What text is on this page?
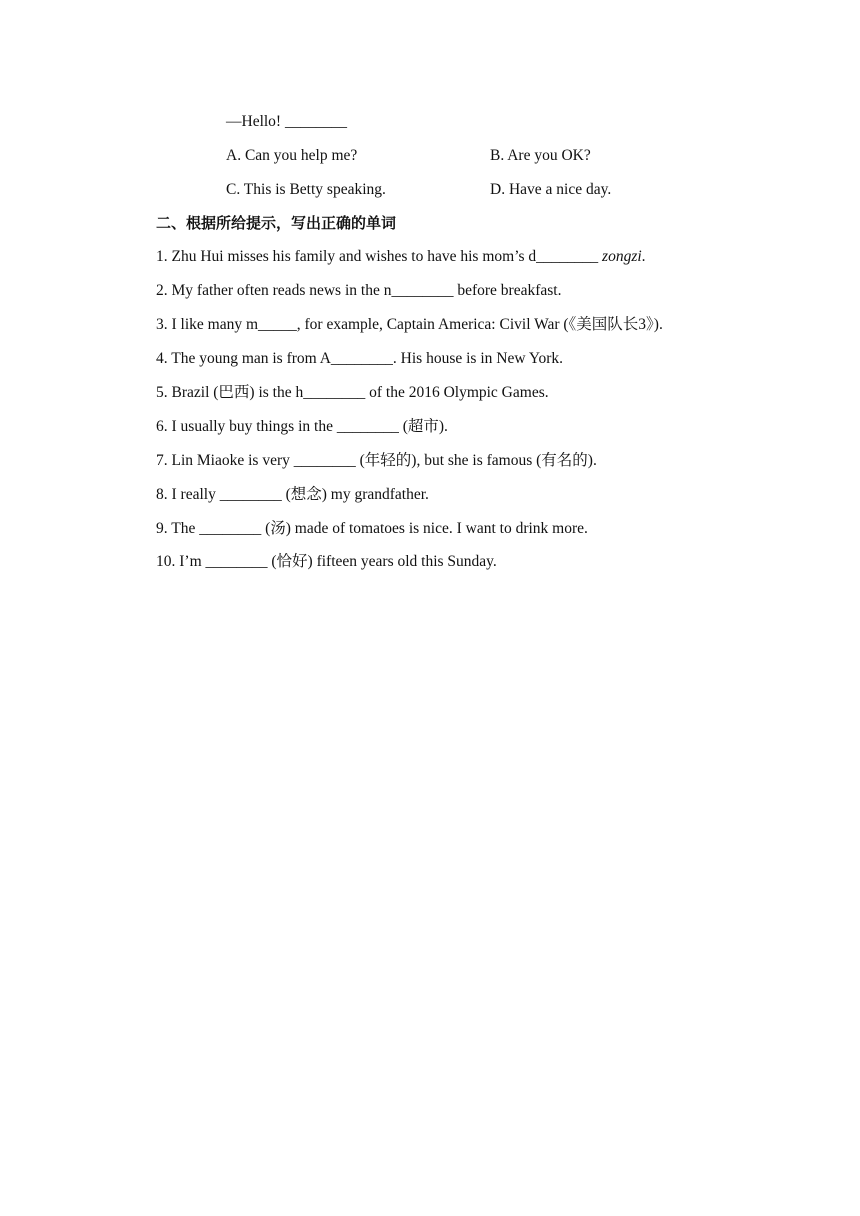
—Hello! ________
A. Can you help me?	B. Are you OK?
C. This is Betty speaking.	D. Have a nice day.
二、根据所给提示，写出正确的单词
1. Zhu Hui misses his family and wishes to have his mom’s d________ zongzi.
2. My father often reads news in the n________ before breakfast.
3. I like many m_____, for example, Captain America: Civil War (《美国队长3》).
4. The young man is from A________. His house is in New York.
5. Brazil (巴西) is the h________ of the 2016 Olympic Games.
6. I usually buy things in the ________ (超市).
7. Lin Miaoke is very ________ (年轻的), but she is famous (有名的).
8. I really ________ (想念) my grandfather.
9. The ________ (汤) made of tomatoes is nice. I want to drink more.
10. I’m ________ (恰好) fifteen years old this Sunday.
